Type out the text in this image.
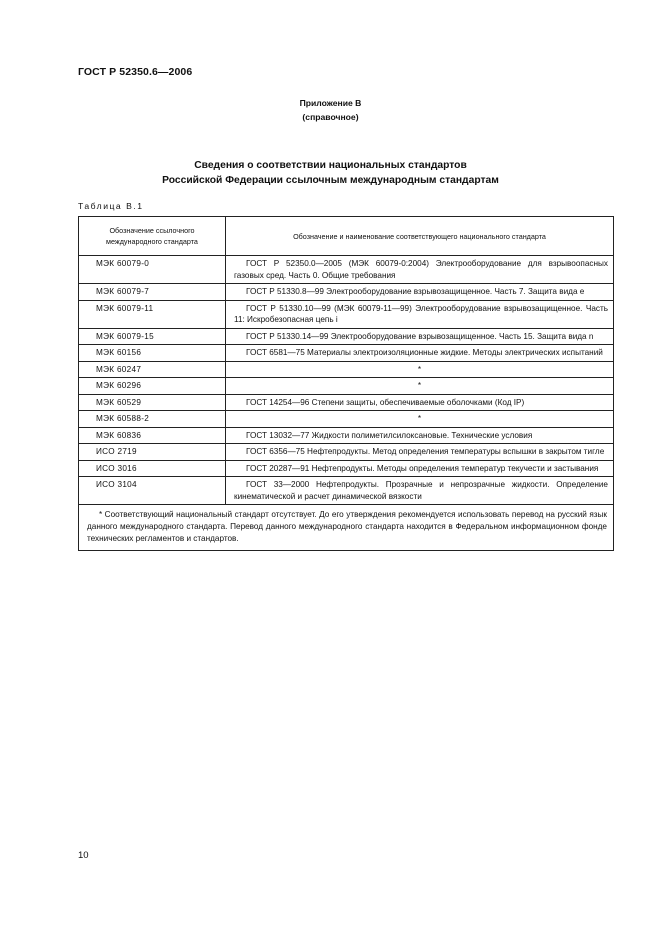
ГОСТ Р 52350.6—2006
Приложение В
(справочное)
Сведения о соответствии национальных стандартов
Российской Федерации ссылочным международным стандартам
Таблица В.1
Обозначение ссылочного международного стандарта	Обозначение и наименование соответствующего национального стандарта
МЭК 60079-0	ГОСТ Р 52350.0—2005 (МЭК 60079-0:2004) Электрооборудование для взрывоопасных газовых сред. Часть 0. Общие требования
МЭК 60079-7	ГОСТ Р 51330.8—99 Электрооборудование взрывозащищенное. Часть 7. Защита вида е
МЭК 60079-11	ГОСТ Р 51330.10—99 (МЭК 60079-11—99) Электрооборудование взрывозащищенное. Часть 11: Искробезопасная цепь i
МЭК 60079-15	ГОСТ Р 51330.14—99 Электрооборудование взрывозащищенное. Часть 15. Защита вида n
МЭК 60156	ГОСТ 6581—75 Материалы электроизоляционные жидкие. Методы электрических испытаний
МЭК 60247	*
МЭК 60296	*
МЭК 60529	ГОСТ 14254—96 Степени защиты, обеспечиваемые оболочками (Код IP)
МЭК 60588-2	*
МЭК 60836	ГОСТ 13032—77 Жидкости полиметилсилоксановые. Технические условия
ИСО 2719	ГОСТ 6356—75 Нефтепродукты. Метод определения температуры вспышки в закрытом тигле
ИСО 3016	ГОСТ 20287—91 Нефтепродукты. Методы определения температур текучести и застывания
ИСО 3104	ГОСТ 33—2000 Нефтепродукты. Прозрачные и непрозрачные жидкости. Определение кинематической и расчет динамической вязкости
* Соответствующий национальный стандарт отсутствует. До его утверждения рекомендуется использовать перевод на русский язык данного международного стандарта. Перевод данного международного стандарта находится в Федеральном информационном фонде технических регламентов и стандартов.	
10
